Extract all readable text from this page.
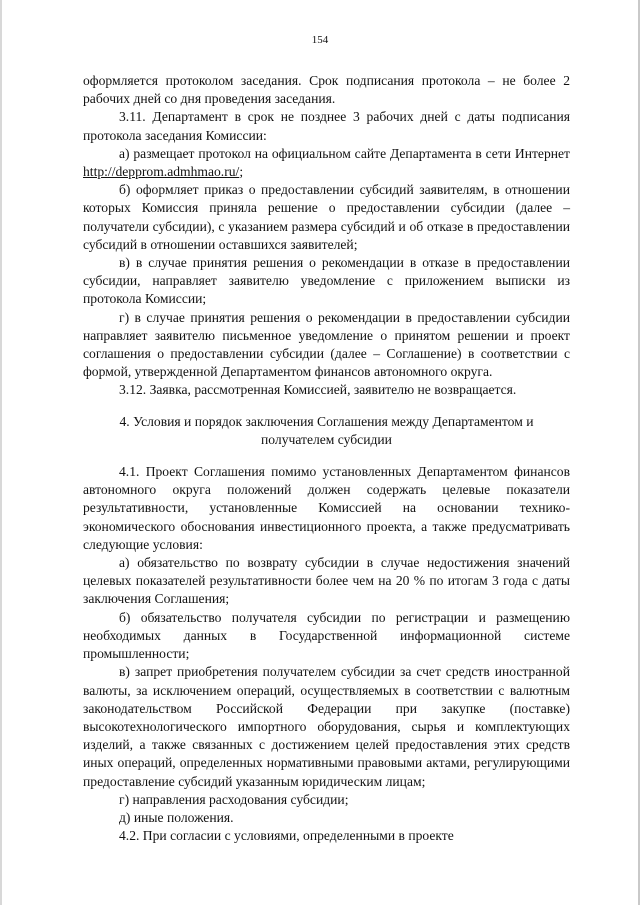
154

оформляется протоколом заседания. Срок подписания протокола – не более 2 рабочих дней со дня проведения заседания.

3.11. Департамент в срок не позднее 3 рабочих дней с даты подписания протокола заседания Комиссии:

а) размещает протокол на официальном сайте Департамента в сети Интернет http://depprom.admhmao.ru/;

б) оформляет приказ о предоставлении субсидий заявителям, в отношении которых Комиссия приняла решение о предоставлении субсидии (далее – получатели субсидии), с указанием размера субсидий и об отказе в предоставлении субсидий в отношении оставшихся заявителей;

в) в случае принятия решения о рекомендации в отказе в предоставлении субсидии, направляет заявителю уведомление с приложением выписки из протокола Комиссии;

г) в случае принятия решения о рекомендации в предоставлении субсидии направляет заявителю письменное уведомление о принятом решении и проект соглашения о предоставлении субсидии (далее – Соглашение) в соответствии с формой, утвержденной Департаментом финансов автономного округа.

3.12. Заявка, рассмотренная Комиссией, заявителю не возвращается.

4. Условия и порядок заключения Соглашения между Департаментом и получателем субсидии

4.1. Проект Соглашения помимо установленных Департаментом финансов автономного округа положений должен содержать целевые показатели результативности, установленные Комиссией на основании технико-экономического обоснования инвестиционного проекта, а также предусматривать следующие условия:

а) обязательство по возврату субсидии в случае недостижения значений целевых показателей результативности более чем на 20 % по итогам 3 года с даты заключения Соглашения;

б) обязательство получателя субсидии по регистрации и размещению необходимых данных в Государственной информационной системе промышленности;

в) запрет приобретения получателем субсидии за счет средств иностранной валюты, за исключением операций, осуществляемых в соответствии с валютным законодательством Российской Федерации при закупке (поставке) высокотехнологического импортного оборудования, сырья и комплектующих изделий, а также связанных с достижением целей предоставления этих средств иных операций, определенных нормативными правовыми актами, регулирующими предоставление субсидий указанным юридическим лицам;

г) направления расходования субсидии;

д) иные положения.

4.2. При согласии с условиями, определенными в проекте
